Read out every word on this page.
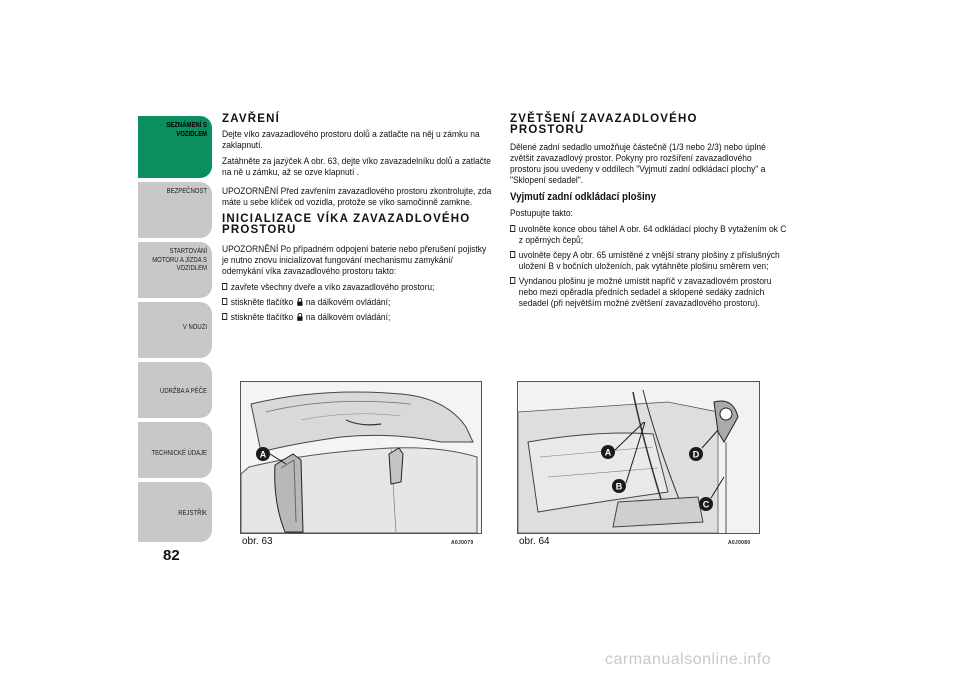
SEZNÁMENÍ S
VOZIDLEM
BEZPEČNOST
STARTOVÁNÍ
MOTORU A JÍZDA S
VOZIDLEM
V NOUZI
ÚDRŽBA A PÉČE
TECHNICKÉ ÚDAJE
REJSTŘÍK
82
ZAVŘENÍ

Dejte víko zavazadlového prostoru dolů a zatlačte na něj u zámku na zaklapnutí.

Zatáhněte za jazýček A obr. 63, dejte víko zavazadelníku dolů a zatlačte na ně u zámku, až se ozve klapnutí .

UPOZORNĚNÍ Před zavřením zavazadlového prostoru zkontrolujte, zda máte u sebe klíček od vozidla, protože se víko samočinně zamkne.

INICIALIZACE VÍKA ZAVAZADLOVÉHO PROSTORU

UPOZORNĚNÍ Po případném odpojení baterie nebo přerušení pojistky je nutno znovu inicializovat fungování mechanismu zamykání/ odemykání víka zavazadlového prostoru takto:

zavřete všechny dveře a víko zavazadlového prostoru;
stiskněte tlačítko na dálkovém ovládání;
stiskněte tlačítko na dálkovém ovládání;
ZVĚTŠENÍ ZAVAZADLOVÉHO PROSTORU

Dělené zadní sedadlo umožňuje částečně (1/3 nebo 2/3) nebo úplné zvětšit zavazadlový prostor. Pokyny pro rozšíření zavazadlového prostoru jsou uvedeny v oddílech "Vyjmutí zadní odkládací plochy" a "Sklopení sedadel".

Vyjmutí zadní odkládací plošiny

Postupujte takto:

uvolněte konce obou táhel A obr. 64 odkládací plochy B vytažením ok C z opěrných čepů;
uvolněte čepy A obr. 65 umístěné z vnější strany plošiny z příslušných uložení B v bočních uloženích, pak vytáhněte plošinu směrem ven;
Vyndanou plošinu je možné umístit napříč v zavazadlovém prostoru nebo mezi opěradla předních sedadel a sklopené sedáky zadních sedadel (při největším možné zvětšení zavazadlového prostoru).
A
obr. 63	A0J0079
A
B
C
D
obr. 64	A0J0080
carmanualsonline.info
